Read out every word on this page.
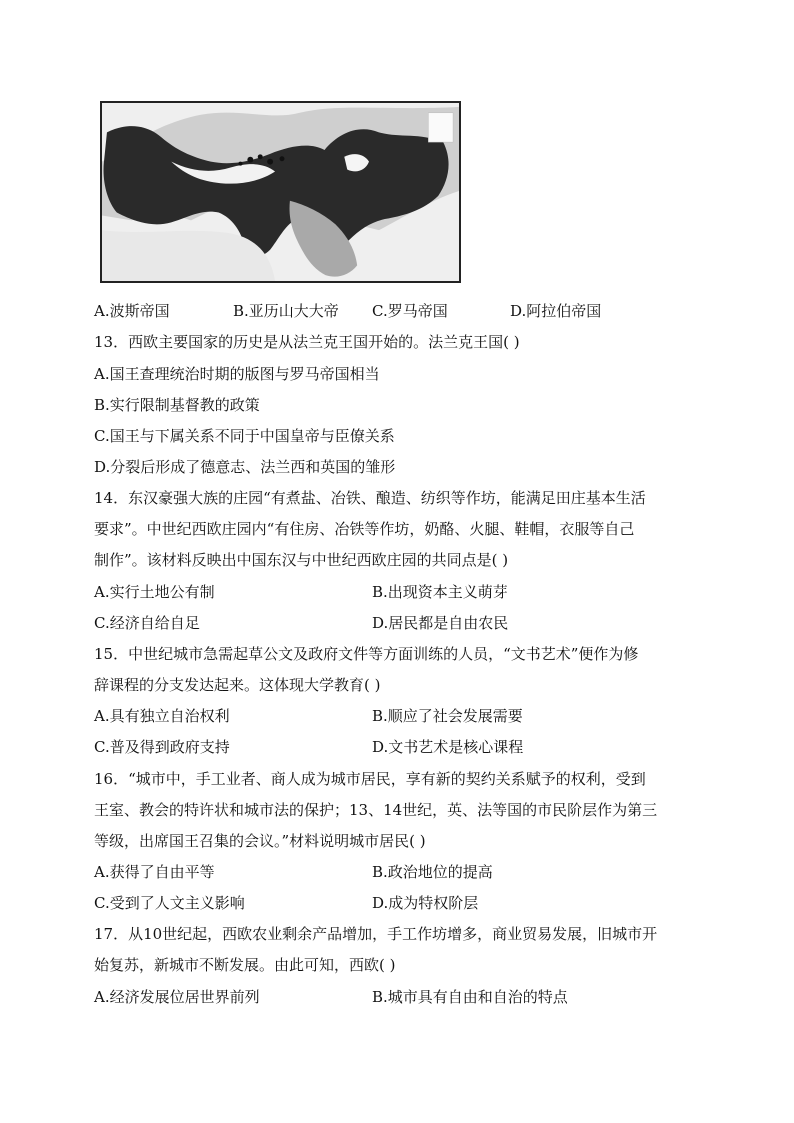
A.波斯帝国	B.亚历山大大帝 C.罗马帝国	D.阿拉伯帝国
13．西欧主要国家的历史是从法兰克王国开始的。法兰克王国( )
A.国王查理统治时期的版图与罗马帝国相当
B.实行限制基督教的政策
C.国王与下属关系不同于中国皇帝与臣僚关系
D.分裂后形成了德意志、法兰西和英国的雏形
14．东汉豪强大族的庄园“有煮盐、冶铁、酿造、纺织等作坊，能满足田庄基本生活
要求”。中世纪西欧庄园内“有住房、冶铁等作坊，奶酪、火腿、鞋帽，衣服等自己
制作”。该材料反映出中国东汉与中世纪西欧庄园的共同点是( )
A.实行土地公有制	B.出现资本主义萌芽
C.经济自给自足	D.居民都是自由农民
15．中世纪城市急需起草公文及政府文件等方面训练的人员，“文书艺术”便作为修
辞课程的分支发达起来。这体现大学教育( )
A.具有独立自治权利	B.顺应了社会发展需要
C.普及得到政府支持	D.文书艺术是核心课程
16．“城市中，手工业者、商人成为城市居民，享有新的契约关系赋予的权利，受到
王室、教会的特许状和城市法的保护；13、14世纪，英、法等国的市民阶层作为第三
等级，出席国王召集的会议。”材料说明城市居民( )
A.获得了自由平等	B.政治地位的提高
C.受到了人文主义影响	D.成为特权阶层
17．从10世纪起，西欧农业剩余产品增加，手工作坊增多，商业贸易发展，旧城市开
始复苏，新城市不断发展。由此可知，西欧( )
A.经济发展位居世界前列	B.城市具有自由和自治的特点
